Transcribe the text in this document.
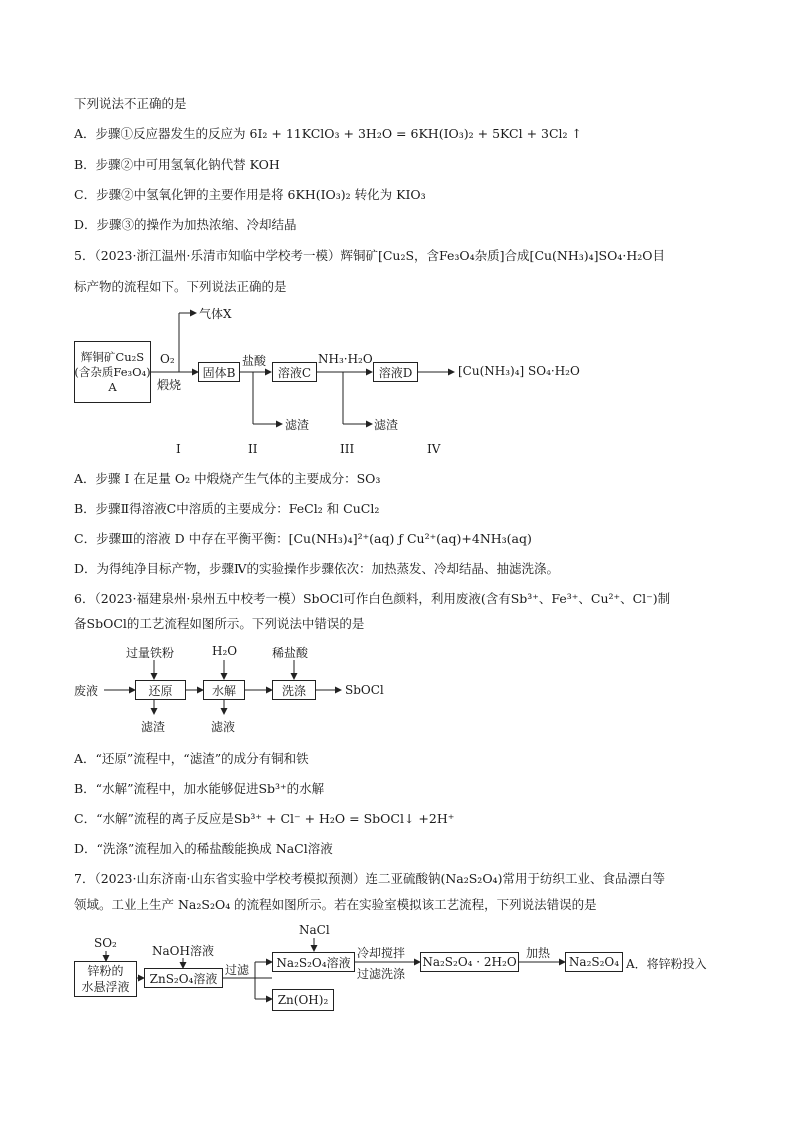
下列说法不正确的是
A．步骤①反应器发生的反应为 6I₂ + 11KClO₃ + 3H₂O = 6KH(IO₃)₂ + 5KCl + 3Cl₂ ↑
B．步骤②中可用氢氧化钠代替 KOH
C．步骤②中氢氧化钾的主要作用是将 6KH(IO₃)₂ 转化为 KIO₃
D．步骤③的操作为加热浓缩、冷却结晶
5．（2023·浙江温州·乐清市知临中学校考一模）辉铜矿[Cu₂S，含Fe₃O₄杂质]合成[Cu(NH₃)₄]SO₄·H₂O目
标产物的流程如下。下列说法正确的是
辉铜矿Cu₂S
(含杂质Fe₃O₄)
A
O₂
煅烧
气体X
固体B
盐酸
溶液C
NH₃·H₂O
溶液D	[Cu(NH₃)₄] SO₄·H₂O
滤渣	滤渣
I	II	III	IV
A．步骤 I 在足量 O₂ 中煅烧产生气体的主要成分：SO₃
B．步骤Ⅱ得溶液C中溶质的主要成分：FeCl₂ 和 CuCl₂
C．步骤Ⅲ的溶液 D 中存在平衡平衡：[Cu(NH₃)₄]²⁺(aq) ƒ Cu²⁺(aq)+4NH₃(aq)
D．为得纯净目标产物，步骤Ⅳ的实验操作步骤依次：加热蒸发、冷却结晶、抽滤洗涤。
6．（2023·福建泉州·泉州五中校考一模）SbOCl可作白色颜料，利用废液(含有Sb³⁺、Fe³⁺、Cu²⁺、Cl⁻)制
备SbOCl的工艺流程如图所示。下列说法中错误的是
废液
过量铁粉	H₂O	稀盐酸
还原	水解	洗涤	SbOCl
滤渣	滤液
A．“还原”流程中，“滤渣”的成分有铜和铁
B．“水解”流程中，加水能够促进Sb³⁺的水解
C．“水解”流程的离子反应是Sb³⁺ + Cl⁻ + H₂O = SbOCl↓ +2H⁺
D．“洗涤”流程加入的稀盐酸能换成 NaCl溶液
7．（2023·山东济南·山东省实验中学校考模拟预测）连二亚硫酸钠(Na₂S₂O₄)常用于纺织工业、食品漂白等
领域。工业上生产 Na₂S₂O₄ 的流程如图所示。若在实验室模拟该工艺流程，下列说法错误的是
SO₂
锌粉的
水悬浮液
NaOH溶液
ZnS₂O₄溶液
过滤
NaCl
Na₂S₂O₄溶液
冷却搅拌
过滤洗涤
Na₂S₂O₄ · 2H₂O
加热
Na₂S₂O₄ A．将锌粉投入
Zn(OH)₂
